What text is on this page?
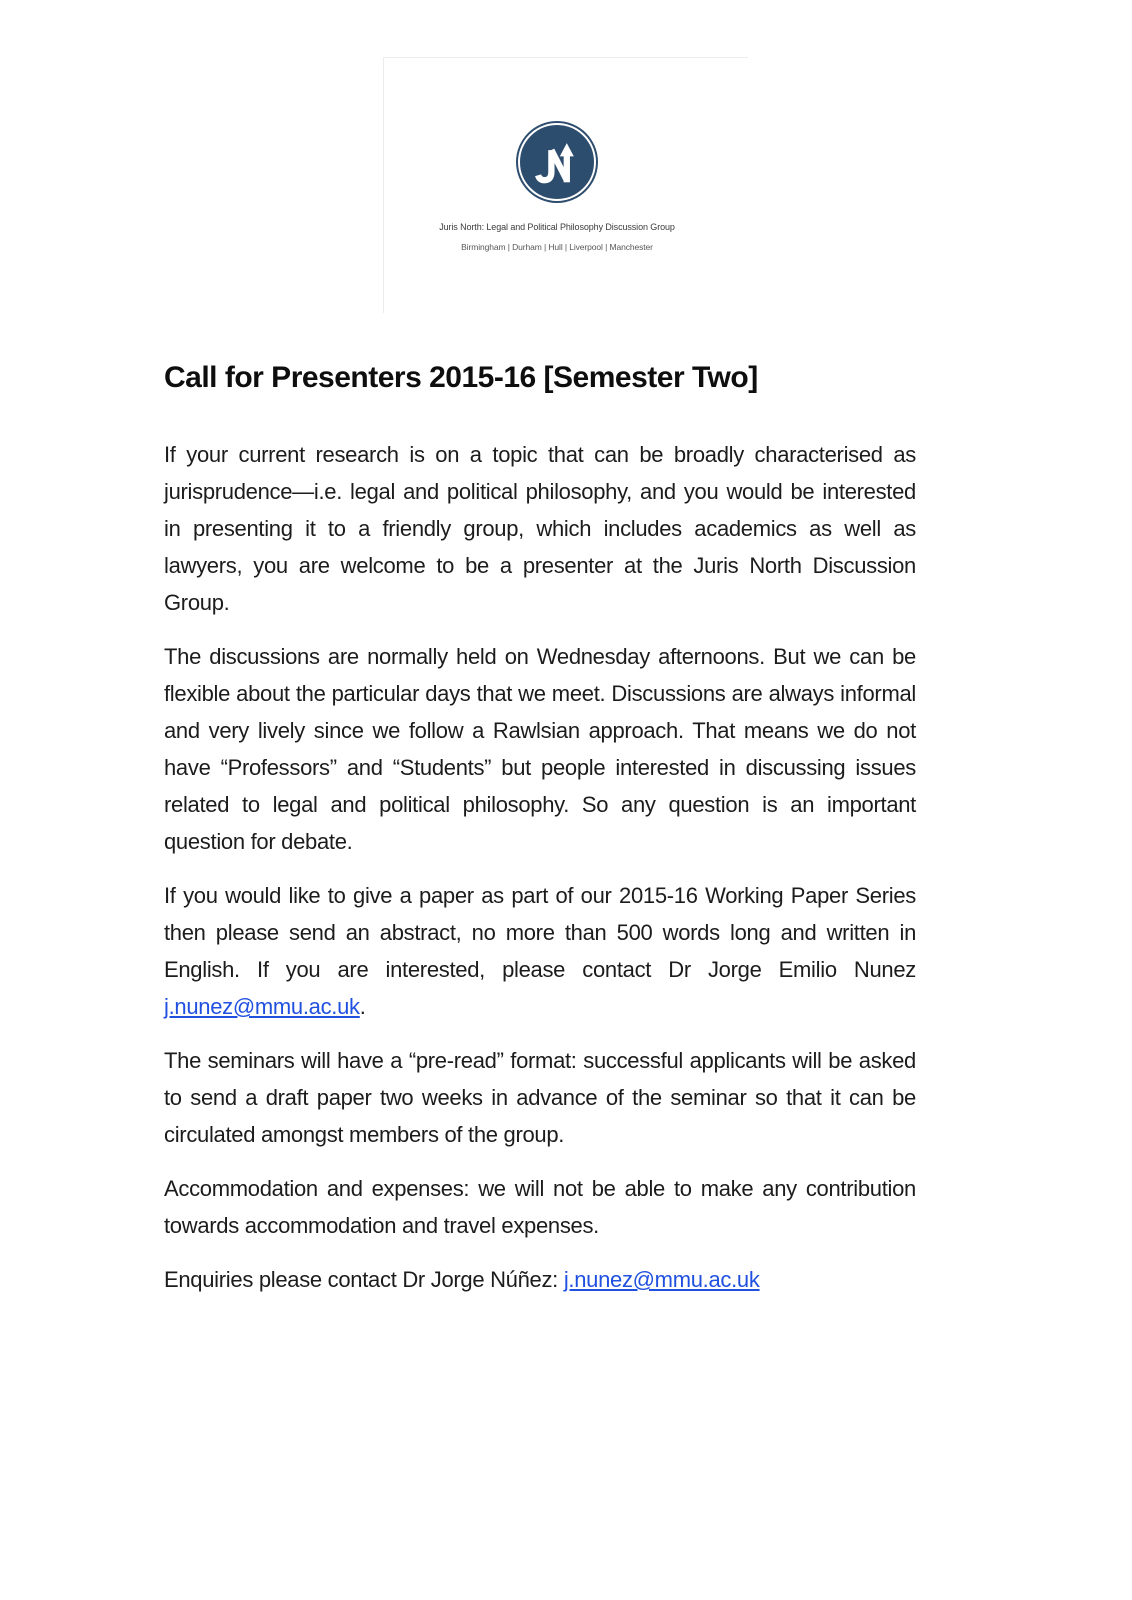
Juris North: Legal and Political Philosophy Discussion Group
Birmingham | Durham | Hull | Liverpool | Manchester
Call for Presenters 2015-16 [Semester Two]

If your current research is on a topic that can be broadly characterised as jurisprudence—i.e. legal and political philosophy, and you would be interested in presenting it to a friendly group, which includes academics as well as lawyers, you are welcome to be a presenter at the Juris North Discussion Group.

The discussions are normally held on Wednesday afternoons. But we can be flexible about the particular days that we meet. Discussions are always informal and very lively since we follow a Rawlsian approach. That means we do not have “Professors” and “Students” but people interested in discussing issues related to legal and political philosophy. So any question is an important question for debate.

If you would like to give a paper as part of our 2015-16 Working Paper Series then please send an abstract, no more than 500 words long and written in English. If you are interested, please contact Dr Jorge Emilio Nunez j.nunez@mmu.ac.uk.

The seminars will have a “pre-read” format: successful applicants will be asked to send a draft paper two weeks in advance of the seminar so that it can be circulated amongst members of the group.

Accommodation and expenses: we will not be able to make any contribution towards accommodation and travel expenses.

Enquiries please contact Dr Jorge Núñez: j.nunez@mmu.ac.uk
